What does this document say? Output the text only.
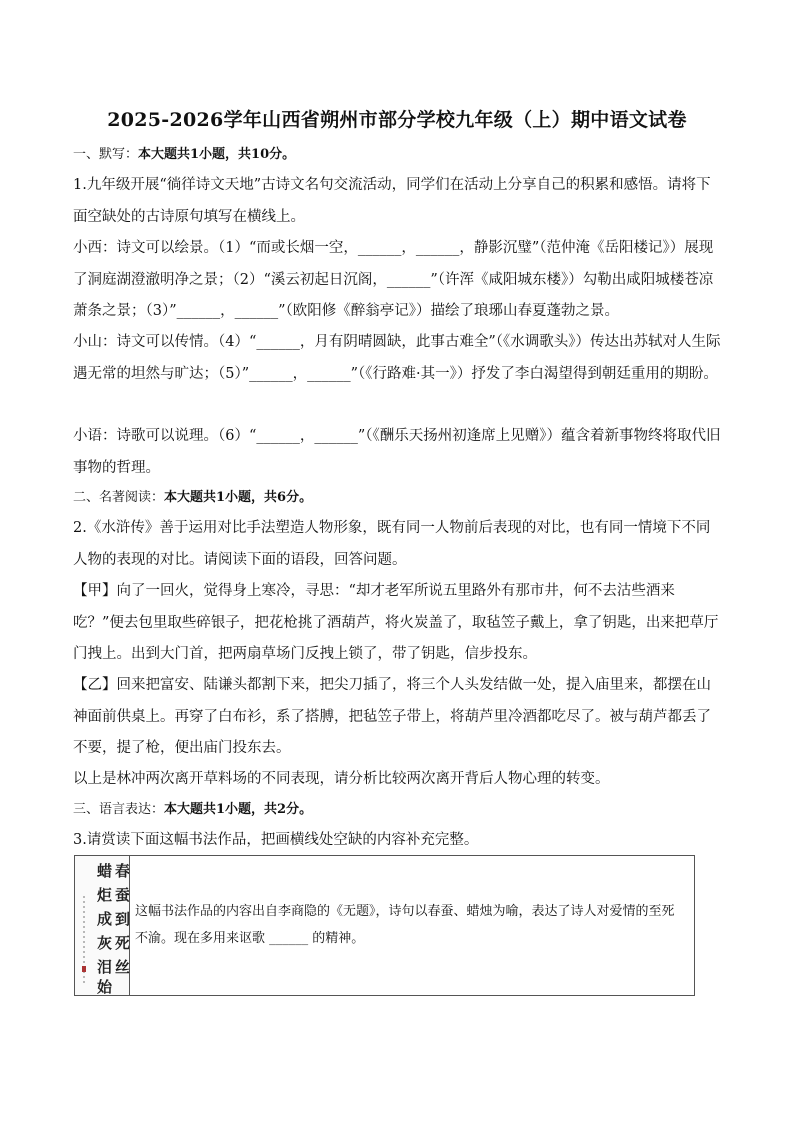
2025-2026学年山西省朔州市部分学校九年级（上）期中语文试卷
一、默写：本大题共1小题，共10分。
1.九年级开展“徜徉诗文天地”古诗文名句交流活动，同学们在活动上分享自己的积累和感悟。请将下面空缺处的古诗原句填写在横线上。
小西：诗文可以绘景。（1）“而或长烟一空，______，______，静影沉璧”（范仲淹《岳阳楼记》）展现了洞庭湖澄澈明净之景；（2）“溪云初起日沉阁，______”（许浑《咸阳城东楼》）勾勒出咸阳城楼苍凉萧条之景；（3）”______，______”（欧阳修《醉翁亭记》）描绘了琅琊山春夏蓬勃之景。
小山：诗文可以传情。（4）“______，月有阴晴圆缺，此事古难全”（《水调歌头》）传达出苏轼对人生际遇无常的坦然与旷达；（5）”______，______”（《行路难·其一》）抒发了李白渴望得到朝廷重用的期盼。
小语：诗歌可以说理。（6）“______，______”（《酬乐天扬州初逢席上见赠》）蕴含着新事物终将取代旧事物的哲理。
二、名著阅读：本大题共1小题，共6分。
2.《水浒传》善于运用对比手法塑造人物形象，既有同一人物前后表现的对比，也有同一情境下不同人物的表现的对比。请阅读下面的语段，回答问题。
【甲】向了一回火，觉得身上寒冷，寻思：“却才老军所说五里路外有那市井，何不去沽些酒来吃？”便去包里取些碎银子，把花枪挑了酒葫芦，将火炭盖了，取毡笠子戴上，拿了钥匙，出来把草厅门拽上。出到大门首，把两扇草场门反拽上锁了，带了钥匙，信步投东。
【乙】回来把富安、陆谦头都割下来，把尖刀插了，将三个人头发结做一处，提入庙里来，都摆在山神面前供桌上。再穿了白布衫，系了搭膊，把毡笠子带上，将葫芦里冷酒都吃尽了。被与葫芦都丢了不要，提了枪，便出庙门投东去。
以上是林冲两次离开草料场的不同表现，请分析比较两次离开背后人物心理的转变。
三、语言表达：本大题共1小题，共2分。
3.请赏读下面这幅书法作品，把画横线处空缺的内容补充完整。
蜡
炬
成
灰
泪
始
春
蚕
到
死
丝
这幅书法作品的内容出自李商隐的《无题》，诗句以春蚕、蜡烛为喻，表达了诗人对爱情的至死不渝。现在多用来讴歌 ______ 的精神。
